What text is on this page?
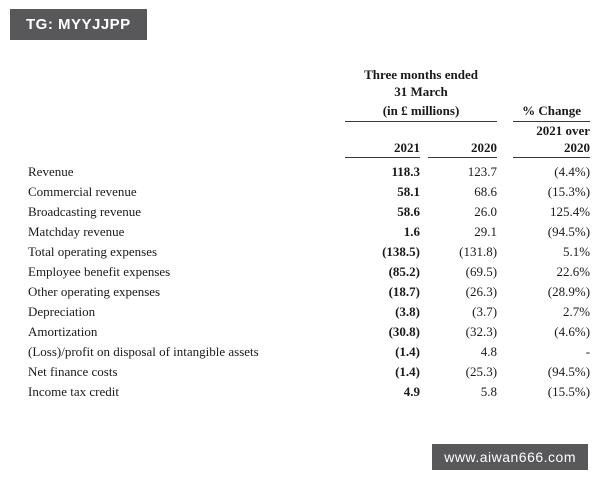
TG: MYYJJPP
	Three months ended				
	31 March				
	(in £ millions)				% Change
					2021 over
	2021		2020		2020

Revenue	118.3		123.7		(4.4%)
Commercial revenue	58.1		68.6		(15.3%)
Broadcasting revenue	58.6		26.0		125.4%
Matchday revenue	1.6		29.1		(94.5%)
Total operating expenses	(138.5)		(131.8)		5.1%
Employee benefit expenses	(85.2)		(69.5)		22.6%
Other operating expenses	(18.7)		(26.3)		(28.9%)
Depreciation	(3.8)		(3.7)		2.7%
Amortization	(30.8)		(32.3)		(4.6%)
(Loss)/profit on disposal of intangible assets	(1.4)		4.8		-
Net finance costs	(1.4)		(25.3)		(94.5%)
Income tax credit	4.9		5.8		(15.5%)
www.aiwan666.com
